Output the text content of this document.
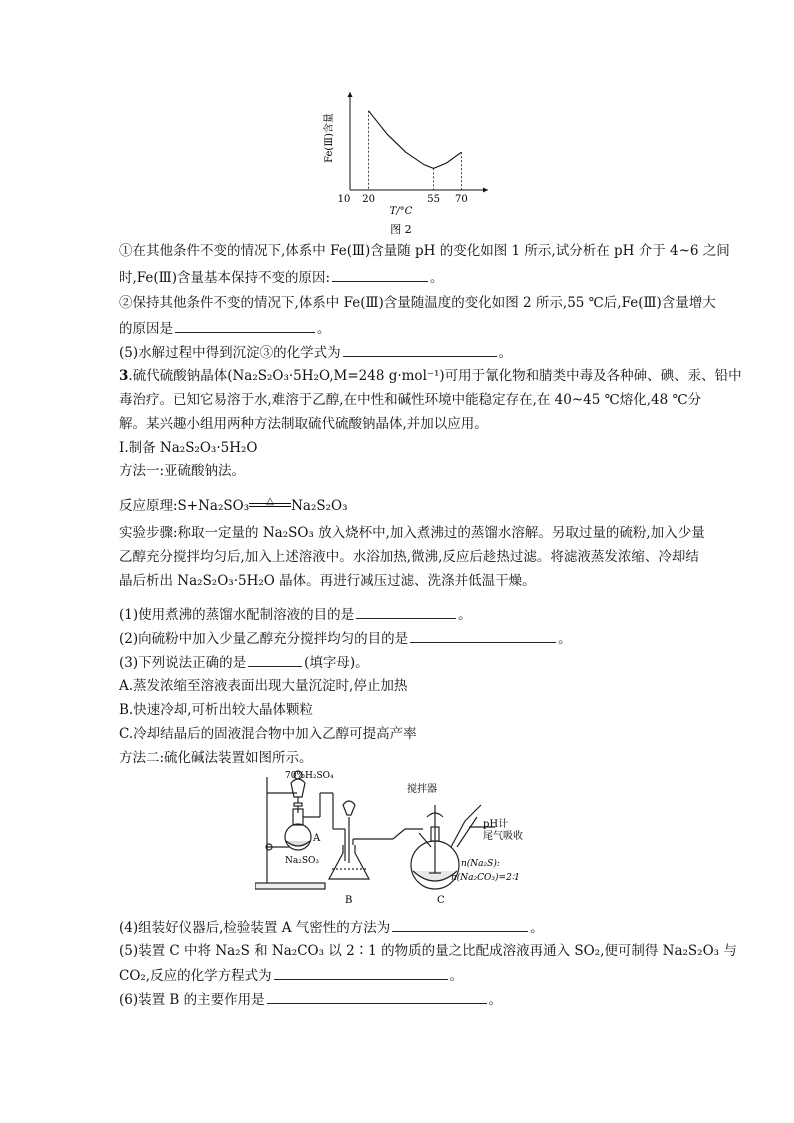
10 20	55 70
Fe(Ⅲ)含量
T/°C
图 2
①在其他条件不变的情况下,体系中 Fe(Ⅲ)含量随 pH 的变化如图 1 所示,试分析在 pH 介于 4~6 之间
时,Fe(Ⅲ)含量基本保持不变的原因:	。
②保持其他条件不变的情况下,体系中 Fe(Ⅲ)含量随温度的变化如图 2 所示,55 ℃后,Fe(Ⅲ)含量增大
的原因是	。
(5)水解过程中得到沉淀③的化学式为	。
3.硫代硫酸钠晶体(Na₂S₂O₃·5H₂O,M=248 g·mol⁻¹)可用于氰化物和腈类中毒及各种砷、碘、汞、铅中
毒治疗。已知它易溶于水,难溶于乙醇,在中性和碱性环境中能稳定存在,在 40~45 ℃熔化,48 ℃分
解。某兴趣小组用两种方法制取硫代硫酸钠晶体,并加以应用。
Ⅰ.制备 Na₂S₂O₃·5H₂O
方法一:亚硫酸钠法。
反应原理:S+Na₂SO₃	△	Na₂S₂O₃
实验步骤:称取一定量的 Na₂SO₃ 放入烧杯中,加入煮沸过的蒸馏水溶解。另取过量的硫粉,加入少量
乙醇充分搅拌均匀后,加入上述溶液中。水浴加热,微沸,反应后趁热过滤。将滤液蒸发浓缩、冷却结
晶后析出 Na₂S₂O₃·5H₂O 晶体。再进行减压过滤、洗涤并低温干燥。
(1)使用煮沸的蒸馏水配制溶液的目的是	。
(2)向硫粉中加入少量乙醇充分搅拌均匀的目的是	。
(3)下列说法正确的是	(填字母)。
A.蒸发浓缩至溶液表面出现大量沉淀时,停止加热
B.快速冷却,可析出较大晶体颗粒
C.冷却结晶后的固液混合物中加入乙醇可提高产率
方法二:硫化碱法装置如图所示。
70%H₂SO₄
A
Na₂SO₃
B	C
搅拌器
pH计
尾气吸收
n(Na₂S):
n(Na₂CO₃)=2∶1
(4)组装好仪器后,检验装置 A 气密性的方法为	。
(5)装置 C 中将 Na₂S 和 Na₂CO₃ 以 2∶1 的物质的量之比配成溶液再通入 SO₂,便可制得 Na₂S₂O₃ 与
CO₂,反应的化学方程式为	。
(6)装置 B 的主要作用是	。
